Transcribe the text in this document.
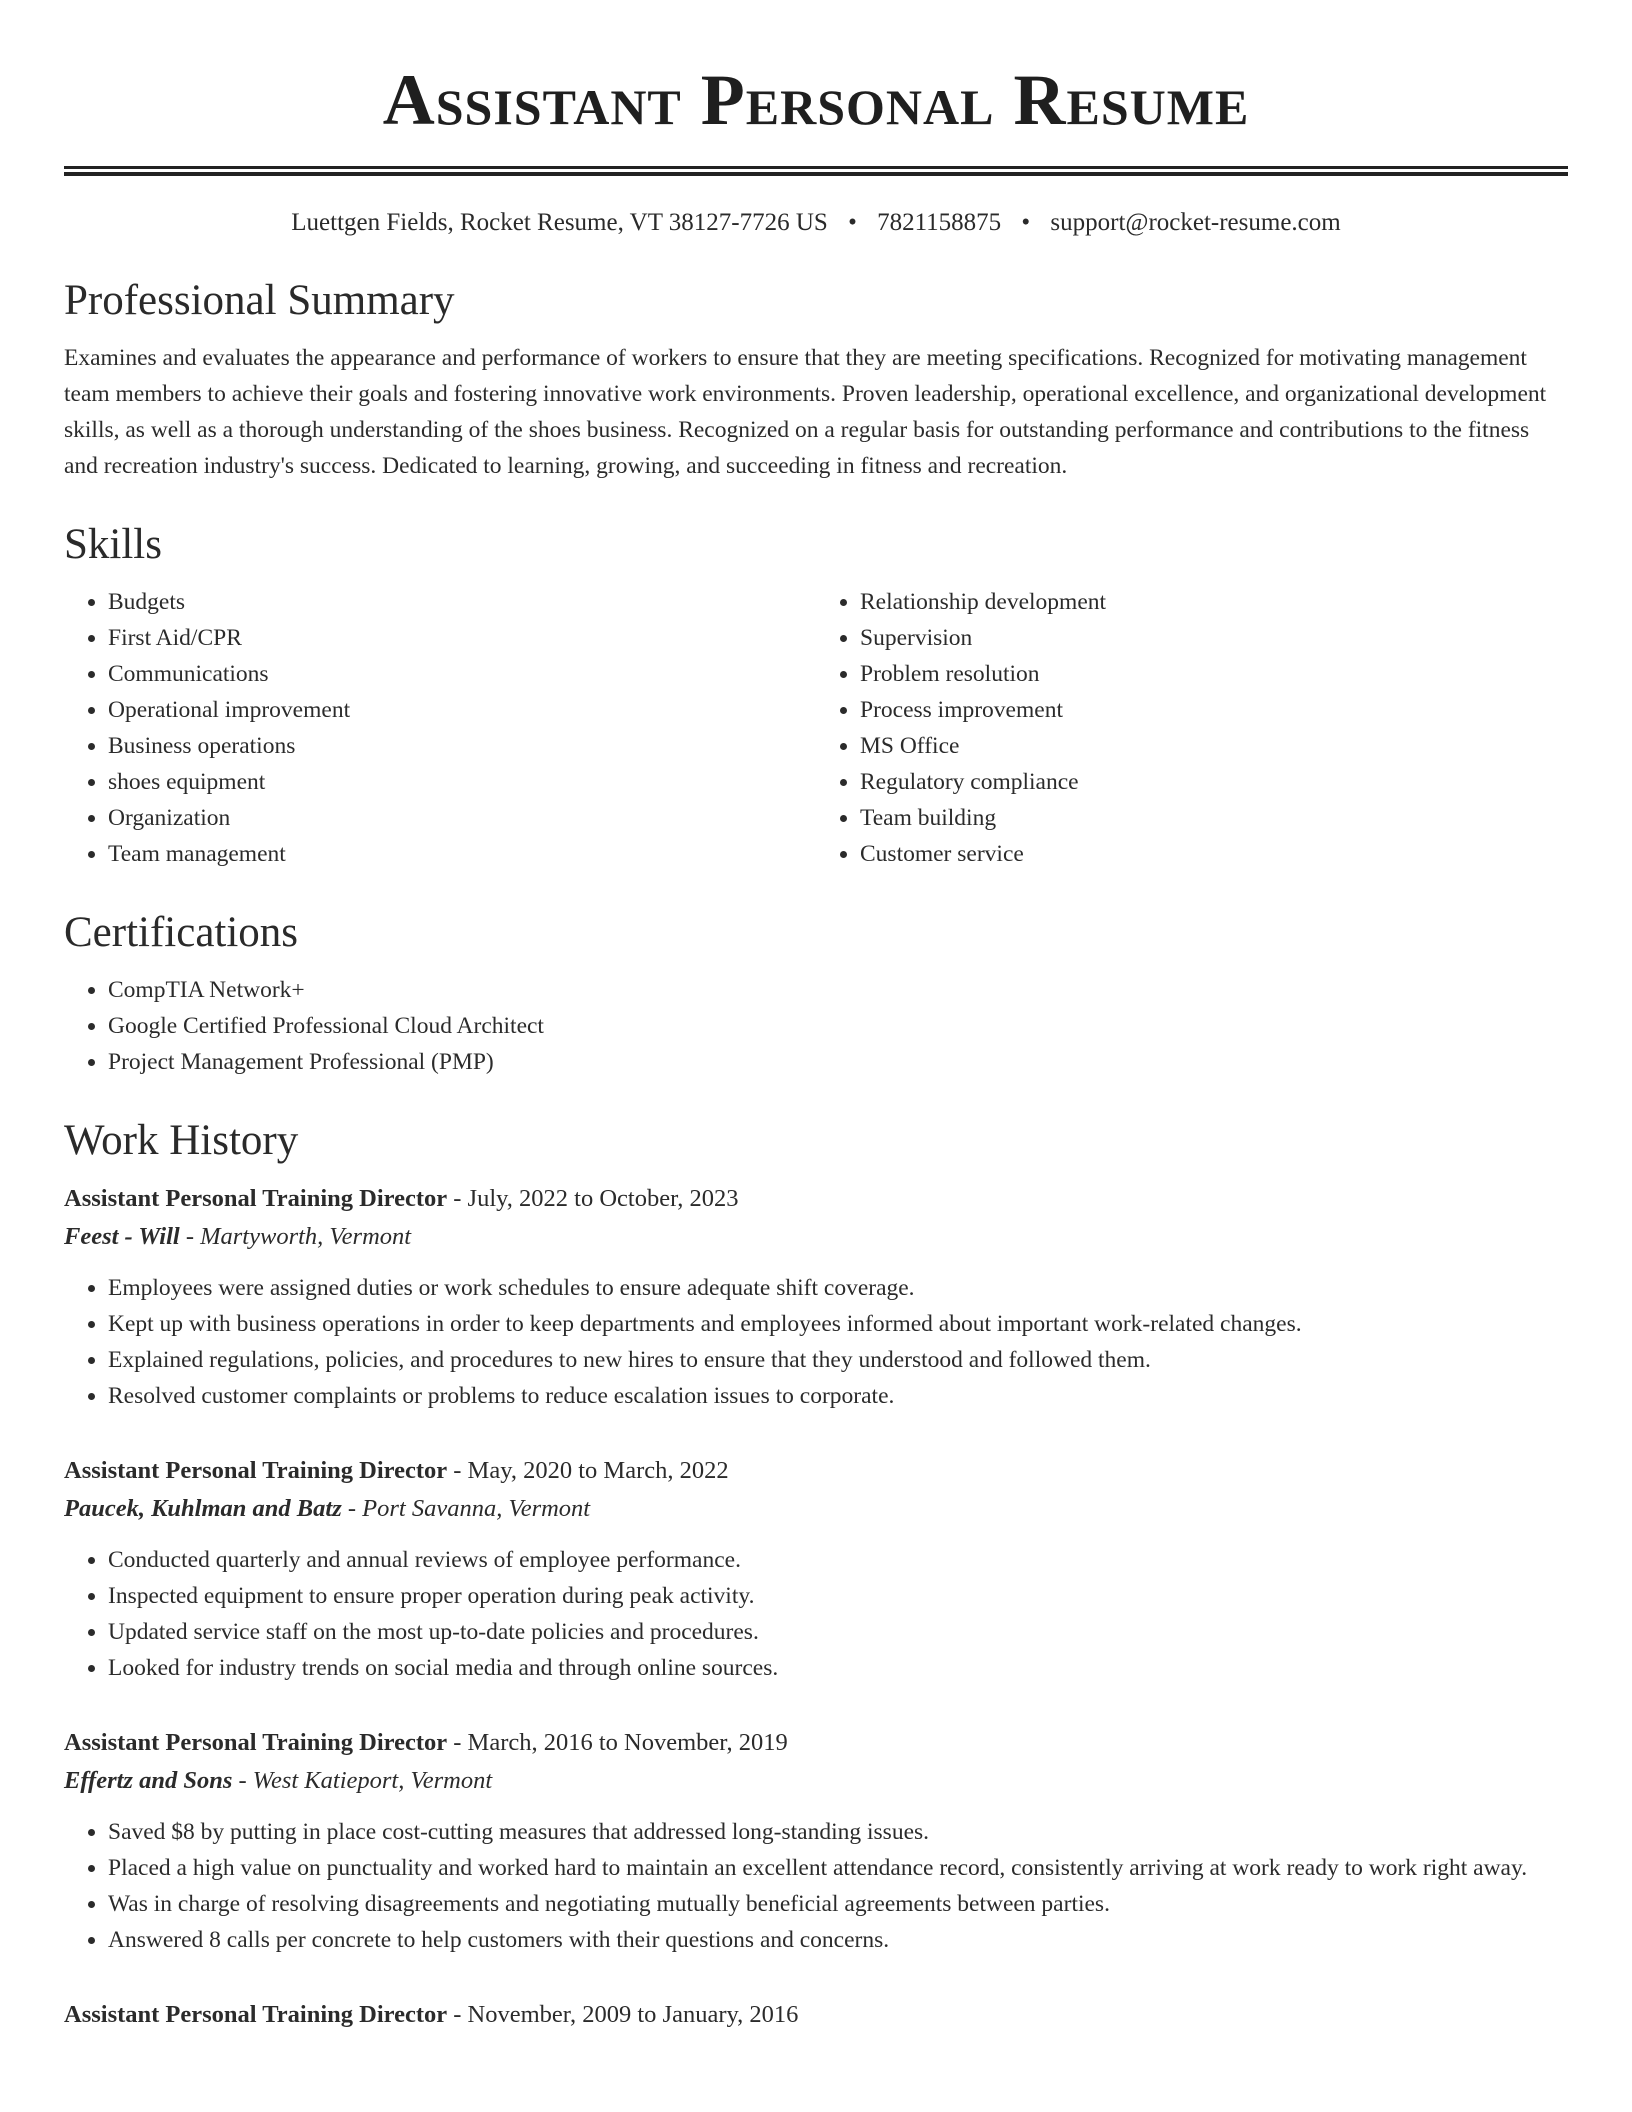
Assistant Personal Resume
Luettgen Fields, Rocket Resume, VT 38127-7726 US • 7821158875 • support@rocket-resume.com
Professional Summary

Examines and evaluates the appearance and performance of workers to ensure that they are meeting specifications. Recognized for motivating management team members to achieve their goals and fostering innovative work environments. Proven leadership, operational excellence, and organizational development skills, as well as a thorough understanding of the shoes business. Recognized on a regular basis for outstanding performance and contributions to the fitness and recreation industry's success. Dedicated to learning, growing, and succeeding in fitness and recreation.

Skills
• Budgets
• First Aid/CPR
• Communications
• Operational improvement
• Business operations
• shoes equipment
• Organization
• Team management
• Relationship development
• Supervision
• Problem resolution
• Process improvement
• MS Office
• Regulatory compliance
• Team building
• Customer service
Certifications
• CompTIA Network+
• Google Certified Professional Cloud Architect
• Project Management Professional (PMP)
Work History
Assistant Personal Training Director - July, 2022 to October, 2023
Feest - Will - Martyworth, Vermont
• Employees were assigned duties or work schedules to ensure adequate shift coverage.
• Kept up with business operations in order to keep departments and employees informed about important work-related changes.
• Explained regulations, policies, and procedures to new hires to ensure that they understood and followed them.
• Resolved customer complaints or problems to reduce escalation issues to corporate.
Assistant Personal Training Director - May, 2020 to March, 2022
Paucek, Kuhlman and Batz - Port Savanna, Vermont
• Conducted quarterly and annual reviews of employee performance.
• Inspected equipment to ensure proper operation during peak activity.
• Updated service staff on the most up-to-date policies and procedures.
• Looked for industry trends on social media and through online sources.
Assistant Personal Training Director - March, 2016 to November, 2019
Effertz and Sons - West Katieport, Vermont
• Saved $8 by putting in place cost-cutting measures that addressed long-standing issues.
• Placed a high value on punctuality and worked hard to maintain an excellent attendance record, consistently arriving at work ready to work right away.
• Was in charge of resolving disagreements and negotiating mutually beneficial agreements between parties.
• Answered 8 calls per concrete to help customers with their questions and concerns.
Assistant Personal Training Director - November, 2009 to January, 2016
